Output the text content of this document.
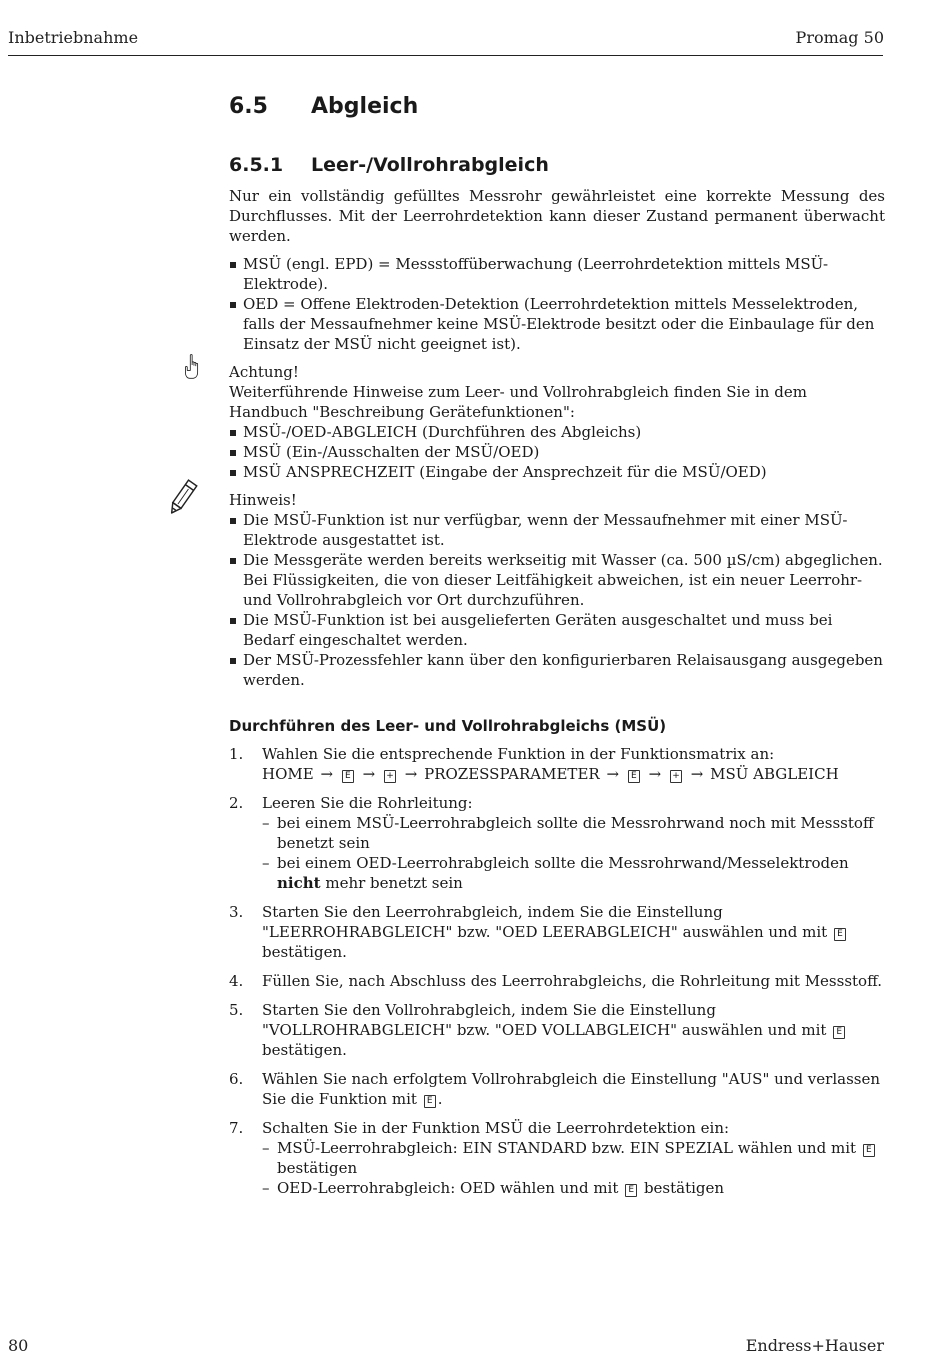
Inbetriebnahme	Promag 50
6.5	Abgleich
6.5.1	Leer-/Vollrohrabgleich

Nur ein vollständig gefülltes Messrohr gewährleistet eine korrekte Messung des Durchflusses. Mit der Leerrohrdetektion kann dieser Zustand permanent überwacht werden.

MSÜ (engl. EPD) = Messstoffüberwachung (Leerrohrdetektion mittels MSÜ-Elektrode).
OED = Offene Elektroden-Detektion (Leerrohrdetektion mittels Messelektroden, falls der Messaufnehmer keine MSÜ-Elektrode besitzt oder die Einbaulage für den Einsatz der MSÜ nicht geeignet ist).

Achtung!

Weiterführende Hinweise zum Leer- und Vollrohrabgleich finden Sie in dem Handbuch "Beschreibung Gerätefunktionen":

MSÜ-/OED-ABGLEICH (Durchführen des Abgleichs)
MSÜ (Ein-/Ausschalten der MSÜ/OED)
MSÜ ANSPRECHZEIT (Eingabe der Ansprechzeit für die MSÜ/OED)

Hinweis!

Die MSÜ-Funktion ist nur verfügbar, wenn der Messaufnehmer mit einer MSÜ-Elektrode ausgestattet ist.
Die Messgeräte werden bereits werkseitig mit Wasser (ca. 500 µS/cm) abgeglichen. Bei Flüssigkeiten, die von dieser Leitfähigkeit abweichen, ist ein neuer Leerrohr- und Vollrohrabgleich vor Ort durchzuführen.
Die MSÜ-Funktion ist bei ausgelieferten Geräten ausgeschaltet und muss bei Bedarf eingeschaltet werden.
Der MSÜ-Prozessfehler kann über den konfigurierbaren Relaisausgang ausgegeben werden.

Durchführen des Leer- und Vollrohrabgleichs (MSÜ)

1. Wahlen Sie die entsprechende Funktion in der Funktionsmatrix an:
HOME → E → + → PROZESSPARAMETER → E → + → MSÜ ABGLEICH
2. Leeren Sie die Rohrleitung:
– bei einem MSÜ-Leerrohrabgleich sollte die Messrohrwand noch mit Messstoff benetzt sein
– bei einem OED-Leerrohrabgleich sollte die Messrohrwand/Messelektroden nicht mehr benetzt sein
3. Starten Sie den Leerrohrabgleich, indem Sie die Einstellung "LEERROHRABGLEICH" bzw. "OED LEERABGLEICH" auswählen und mit E bestätigen.
4. Füllen Sie, nach Abschluss des Leerrohrabgleichs, die Rohrleitung mit Messstoff.
5. Starten Sie den Vollrohrabgleich, indem Sie die Einstellung "VOLLROHRABGLEICH" bzw. "OED VOLLABGLEICH" auswählen und mit E bestätigen.
6. Wählen Sie nach erfolgtem Vollrohrabgleich die Einstellung "AUS" und verlassen Sie die Funktion mit E .
7. Schalten Sie in der Funktion MSÜ die Leerrohrdetektion ein:
– MSÜ-Leerrohrabgleich: EIN STANDARD bzw. EIN SPEZIAL wählen und mit E bestätigen
– OED-Leerrohrabgleich: OED wählen und mit E bestätigen
80	Endress+Hauser
